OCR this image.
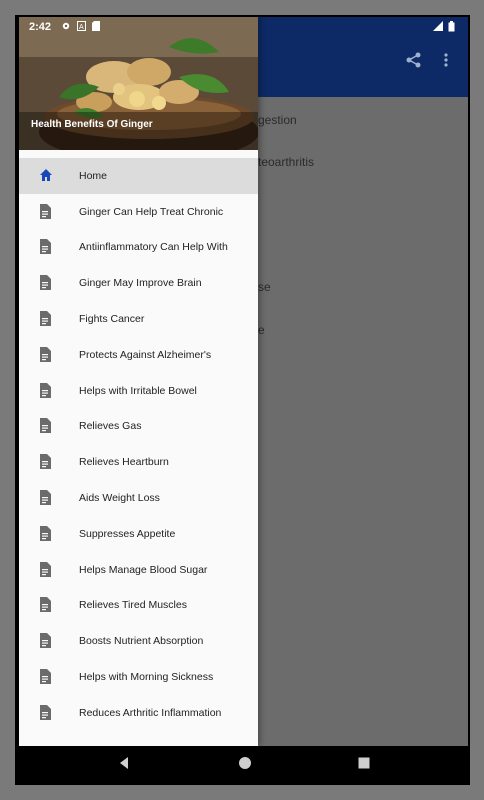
2:42	A
gestion
teoarthritis
se
e
Health Benefits Of Ginger
Home
Ginger Can Help Treat Chronic
Antiinflammatory Can Help With
Ginger May Improve Brain
Fights Cancer
Protects Against Alzheimer's
Helps with Irritable Bowel
Relieves Gas
Relieves Heartburn
Aids Weight Loss
Suppresses Appetite
Helps Manage Blood Sugar
Relieves Tired Muscles
Boosts Nutrient Absorption
Helps with Morning Sickness
Reduces Arthritic Inflammation
